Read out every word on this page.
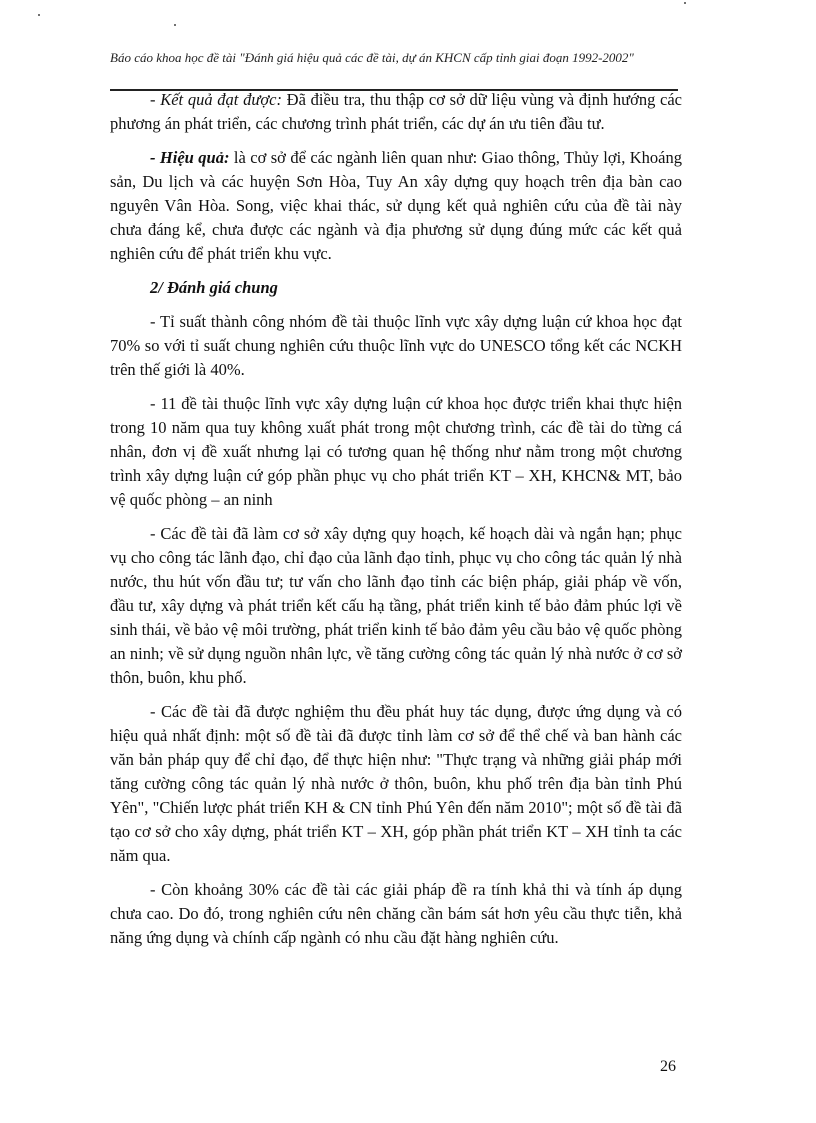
Báo cáo khoa học đề tài "Đánh giá hiệu quả các đề tài, dự án KHCN cấp tỉnh giai đoạn 1992-2002"

- Kết quả đạt được: Đã điều tra, thu thập cơ sở dữ liệu vùng và định hướng các phương án phát triển, các chương trình phát triển, các dự án ưu tiên đầu tư.

- Hiệu quả: là cơ sở để các ngành liên quan như: Giao thông, Thủy lợi, Khoáng sản, Du lịch và các huyện Sơn Hòa, Tuy An xây dựng quy hoạch trên địa bàn cao nguyên Vân Hòa. Song, việc khai thác, sử dụng kết quả nghiên cứu của đề tài này chưa đáng kể, chưa được các ngành và địa phương sử dụng đúng mức các kết quả nghiên cứu để phát triển khu vực.

2/ Đánh giá chung

- Tỉ suất thành công nhóm đề tài thuộc lĩnh vực xây dựng luận cứ khoa học đạt 70% so với tỉ suất chung nghiên cứu thuộc lĩnh vực do UNESCO tổng kết các NCKH trên thế giới là 40%.

- 11 đề tài thuộc lĩnh vực xây dựng luận cứ khoa học được triển khai thực hiện trong 10 năm qua tuy không xuất phát trong một chương trình, các đề tài do từng cá nhân, đơn vị đề xuất nhưng lại có tương quan hệ thống như nằm trong một chương trình xây dựng luận cứ góp phần phục vụ cho phát triển KT – XH, KHCN& MT, bảo vệ quốc phòng – an ninh

- Các đề tài đã làm cơ sở xây dựng quy hoạch, kế hoạch dài và ngắn hạn; phục vụ cho công tác lãnh đạo, chỉ đạo của lãnh đạo tỉnh, phục vụ cho công tác quản lý nhà nước, thu hút vốn đầu tư; tư vấn cho lãnh đạo tỉnh các biện pháp, giải pháp về vốn, đầu tư, xây dựng và phát triển kết cấu hạ tầng, phát triển kinh tế bảo đảm phúc lợi về sinh thái, về bảo vệ môi trường, phát triển kinh tế bảo đảm yêu cầu bảo vệ quốc phòng an ninh; về sử dụng nguồn nhân lực, về tăng cường công tác quản lý nhà nước ở cơ sở thôn, buôn, khu phố.

- Các đề tài đã được nghiệm thu đều phát huy tác dụng, được ứng dụng và có hiệu quả nhất định: một số đề tài đã được tỉnh làm cơ sở để thể chế và ban hành các văn bản pháp quy để chỉ đạo, để thực hiện như: "Thực trạng và những giải pháp mới tăng cường công tác quản lý nhà nước ở thôn, buôn, khu phố trên địa bàn tỉnh Phú Yên", "Chiến lược phát triển KH & CN tỉnh Phú Yên đến năm 2010"; một số đề tài đã tạo cơ sở cho xây dựng, phát triển KT – XH, góp phần phát triển KT – XH tỉnh ta các năm qua.

- Còn khoảng 30% các đề tài các giải pháp đề ra tính khả thi và tính áp dụng chưa cao. Do đó, trong nghiên cứu nên chăng cần bám sát hơn yêu cầu thực tiễn, khả năng ứng dụng và chính cấp ngành có nhu cầu đặt hàng nghiên cứu.

26
